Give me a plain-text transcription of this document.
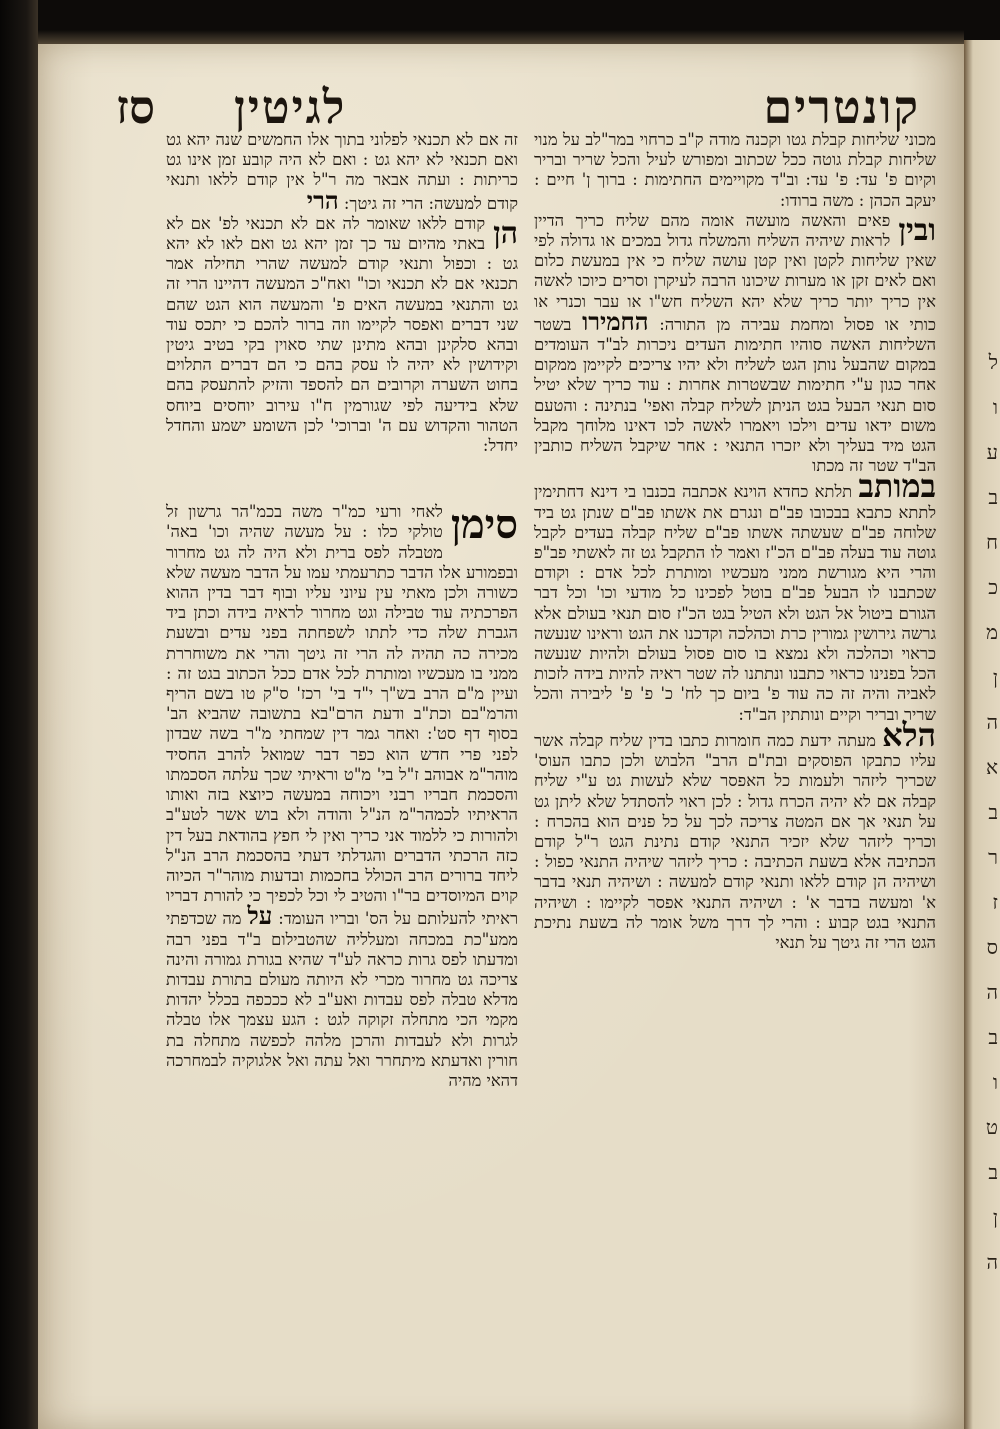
קונטרים
לגיטין
סז

מכוני שליחות קבלת גטו וקכנה מודה ק"ב כרחוי במר"לב על מנוי שליחות קבלת גוטה ככל שכתוב ומפורש לעיל והכל שריר ובריר וקיום פ' עד: פ' עד: וב"ד מקויימים החתימות : ברוך ן' חיים : יעקב הכהן : משה ברודו:

ובין
פאים והאשה מועשה אומה מהם שליח כריך הדיין לראות שיהיה השליח והמשלח גדול במכים או גדולה לפי שאין שליחות לקטן ואין קטן עושה שליח כי אין במעשת כלום ואם לאים זקן או מערות שיכונו הרבה לעיקרן וסרים כיוכו לאשה אין כריך יותר כריך שלא יהא השליח חש"ו או עבר וכנרי או כותי או פסול ומחמת עבירה מן התורה: החמירו בשטר השליחות האשה סוהיו חתימות העדים ניכרות לב"ד העומדים במקום שהבעל נותן הגט לשליח ולא יהיו צריכים לקיימן ממקום אחר כגון ע"י חתימות שבשטרות אחרות : עוד כריך שלא יטיל סום תנאי הבעל בגט הניתן לשליח קבלה ואפי' בנתינה : והטעם משום ידאו עדים וילכו ויאמרו לאשה לכו דאינו מלוחך מקבל הגט מיד בעליך ולא יזכרו התנאי : אחר שיקבל השליח כותבין הב"ד שטר זה מכתו

במותב תלתא כחדא הוינא אכתבה בכנבו בי דינא דחתימין לתתא כתבא בבכובו פב"ם ונגרם את אשתו פב"ם שנתן גט ביד שלוחה פב"ם שעשתה אשתו פב"ם שליח קבלה בעדים לקבל גוטה עוד בעלה פב"ם הכ"ז ואמר לו התקבל גט זה לאשתי פב"פ והרי היא מגורשת ממני מעכשיו ומותרת לכל אדם : וקודם שכתבנו לו הבעל פב"ם בוטל לפכינו כל מודעי וכו' וכל דבר הגורם ביטול אל הגט ולא הטיל בגט הכ"ז סום תנאי בעולם אלא גרשה גירושין גמורין כרת וכהלכה וקדכנו את הגט וראינו שנעשה כראוי וכהלכה ולא נמצא בו סום פסול בעולם ולהיות שנעשה הכל בפנינו כראוי כתבנו ונתתנו לה שטר ראיה להיות בידה לזכות לאביה והיה זה כה עוד פ' ביום כך לח' כ' פ' פ' ליבירה והכל שריר ובריר וקיים ונותתין הב"ד:

הלא מעתה ידעת כמה חומרות כתבו בדין שליח קבלה אשר עליו כתבקו הפוסקים ובת"ם הרב" הלבוש ולכן כתבו העוס' שכריך ליזהר ולעמות כל האפסר שלא לעשות גט ע"י שליח קבלה אם לא יהיה הכרח גדול : לכן ראוי להסתדל שלא ליתן גט על תנאי אך אם המטה צריכה לכך על כל פנים הוא בהכרח : וכריך ליזהר שלא יזכיר התנאי קודם נתינת הגט ר"ל קודם הכתיבה אלא בשעת הכתיבה : כריך ליזהר שיהיה התנאי כפול : ושיהיה הן קודם ללאו ותנאי קודם למעשה : ושיהיה תנאי בדבר א' ומעשה בדבר א' : ושיהיה התנאי אפסר לקיימו : ושיהיה התנאי בגט קבוע : והרי לך דרך משל אומר לה בשעת נתיכת הגט הרי זה גיטך על תנאי

זה אם לא תכנאי לפלוני בתוך אלו החמשים שנה יהא גט ואם תכנאי לא יהא גט : ואם לא היה קובע זמן אינו גט כריתות : ועתה אבאר מה ר"ל אין קודם ללאו ותנאי קודם למעשה: הרי זה גיטך: הרי

הן
קודם ללאו שאומר לה אם לא תכנאי לפ' אם לא באתי מהיום עד כך זמן יהא גט ואם לאו לא יהא גט : וכפול ותנאי קודם למעשה שהרי תחילה אמר תכנאי אם לא תכנאי וכו" ואח"כ המעשה דהיינו הרי זה גט והתנאי במעשה האים פ' והמעשה הוא הגט שהם שני דברים ואפסר לקיימו וזה ברור להכם כי יתכס עוד ובהא סלקינן ובהא מתינן שתי סאוין בקי בטיב גיטין וקידושין לא יהיה לו עסק בהם כי הם דברים התלוים בחוט השערה וקרובים הם להספד והזיק להתעסק בהם שלא בידיעה לפי שגורמין ח"ו עירוב יוחסים ביוחס הטהור והקדוש עם ה' וברוכי' לכן השומע ישמע והחדל יחדל:

סימן
לאחי ורעי כמ"ר משה בכמ"הר גרשון זל טולקי כלו : על מעשה שהיה וכו' באה' מטבלה לפס ברית ולא היה לה גט מחרור ובפמורע אלו הדבר כתרעמתי עמו על הדבר מעשה שלא כשורה ולכן מאתי עין עיוני עליו ובוף דבר בדין ההוא הפרכתיה עוד טבילה וגט מחרור לראיה בידה וכתן ביד הגברת שלה כדי לתתו לשפחתה בפני עדים ובשעת מכירה כה תהיה לה הרי זה גיטך והרי את משוחררת ממני בו מעכשיו ומותרת לכל אדם ככל הכתוב בגט זה : ועיין מ"ם הרב בש"ך י"ד בי' רכז' ס"ק טו בשם הריף והרמ"בם וכת"ב ודעת הרם"בא בתשובה שהביא הב' בסוף דף סט': ואחר גמר דין שמחתי מ"ר בשה שבדון לפני פרי חדש הוא כפר דבר שמואל להרב החסיד מוהר"מ אבוהב ז"ל בי' מ"ט וראיתי שכך עלתה הסכמתו והסכמת חבריו רבני ויכוחה במעשה כיוצא בזה ואותו הראיתיו לכמהר"מ הנ"ל והודה ולא בוש אשר לטע"ב ולהורות כי ללמוד אני כריך ואין לי חפץ בהודאת בעל דין כזה הרכתי הדברים והגדלתי דעתי בהסכמת הרב הנ"ל ליחד ברורים הרב הכולל בחכמות ובדעות מוהר"ר הכיוה קוים המיוסדים בר"ו והטיב לי וכל לכפיך כי להורת דבריו ראיתי להעלותם על הס' ובריו העומד: על מה שכדפתי ממע"כת במכחה ומעלליה שהטבילום ב"ד בפני רבה ומדעתו לפס גרות כראה לע"ד שהיא בגורת גמורה והינה צריכה גט מחרור מכרי לא היותה מעולם בתורת עבדות מדלא טבלה לפס עבדות ואע"ב לא כככפה בכלל יהדות מקמי הכי מתחלה זקוקה לגט : הגע עצמך אלו טבלה לגרות ולא לעבדות והרכן מלהה לכפשה מתחלה בת חורין ואדעתא מיתחרר ואל עתה ואל אלגוקיה לבמחרכה דהאי מהיה

ל
ו
ע
ב
ח
כ
מ
ן
ה
א
ב
ר
ז
ס
ה
ב
ו
ט
ב
ן
ה
